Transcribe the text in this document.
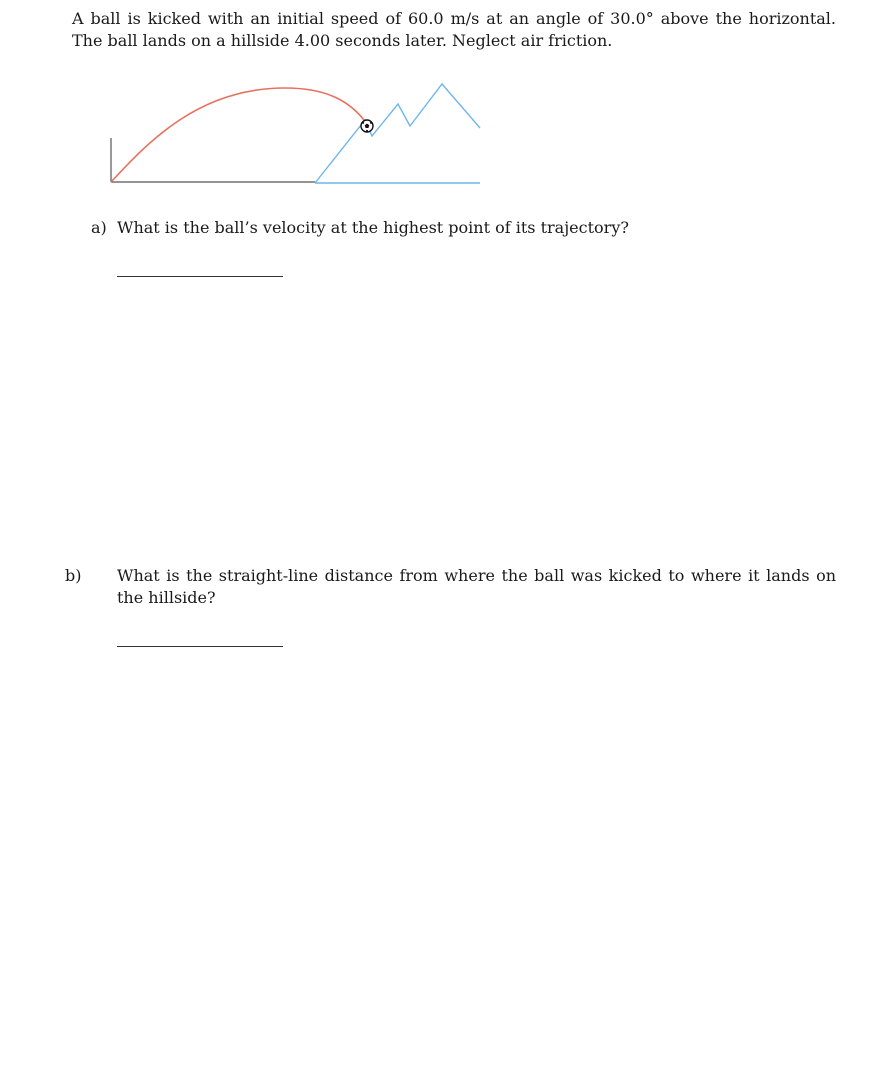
A ball is kicked with an initial speed of 60.0 m/s at an angle of 30.0° above the horizontal. The ball lands on a hillside 4.00 seconds later. Neglect air friction.

a) What is the ball’s velocity at the highest point of its trajectory?

b) What is the straight-line distance from where the ball was kicked to where it lands on the hillside?
